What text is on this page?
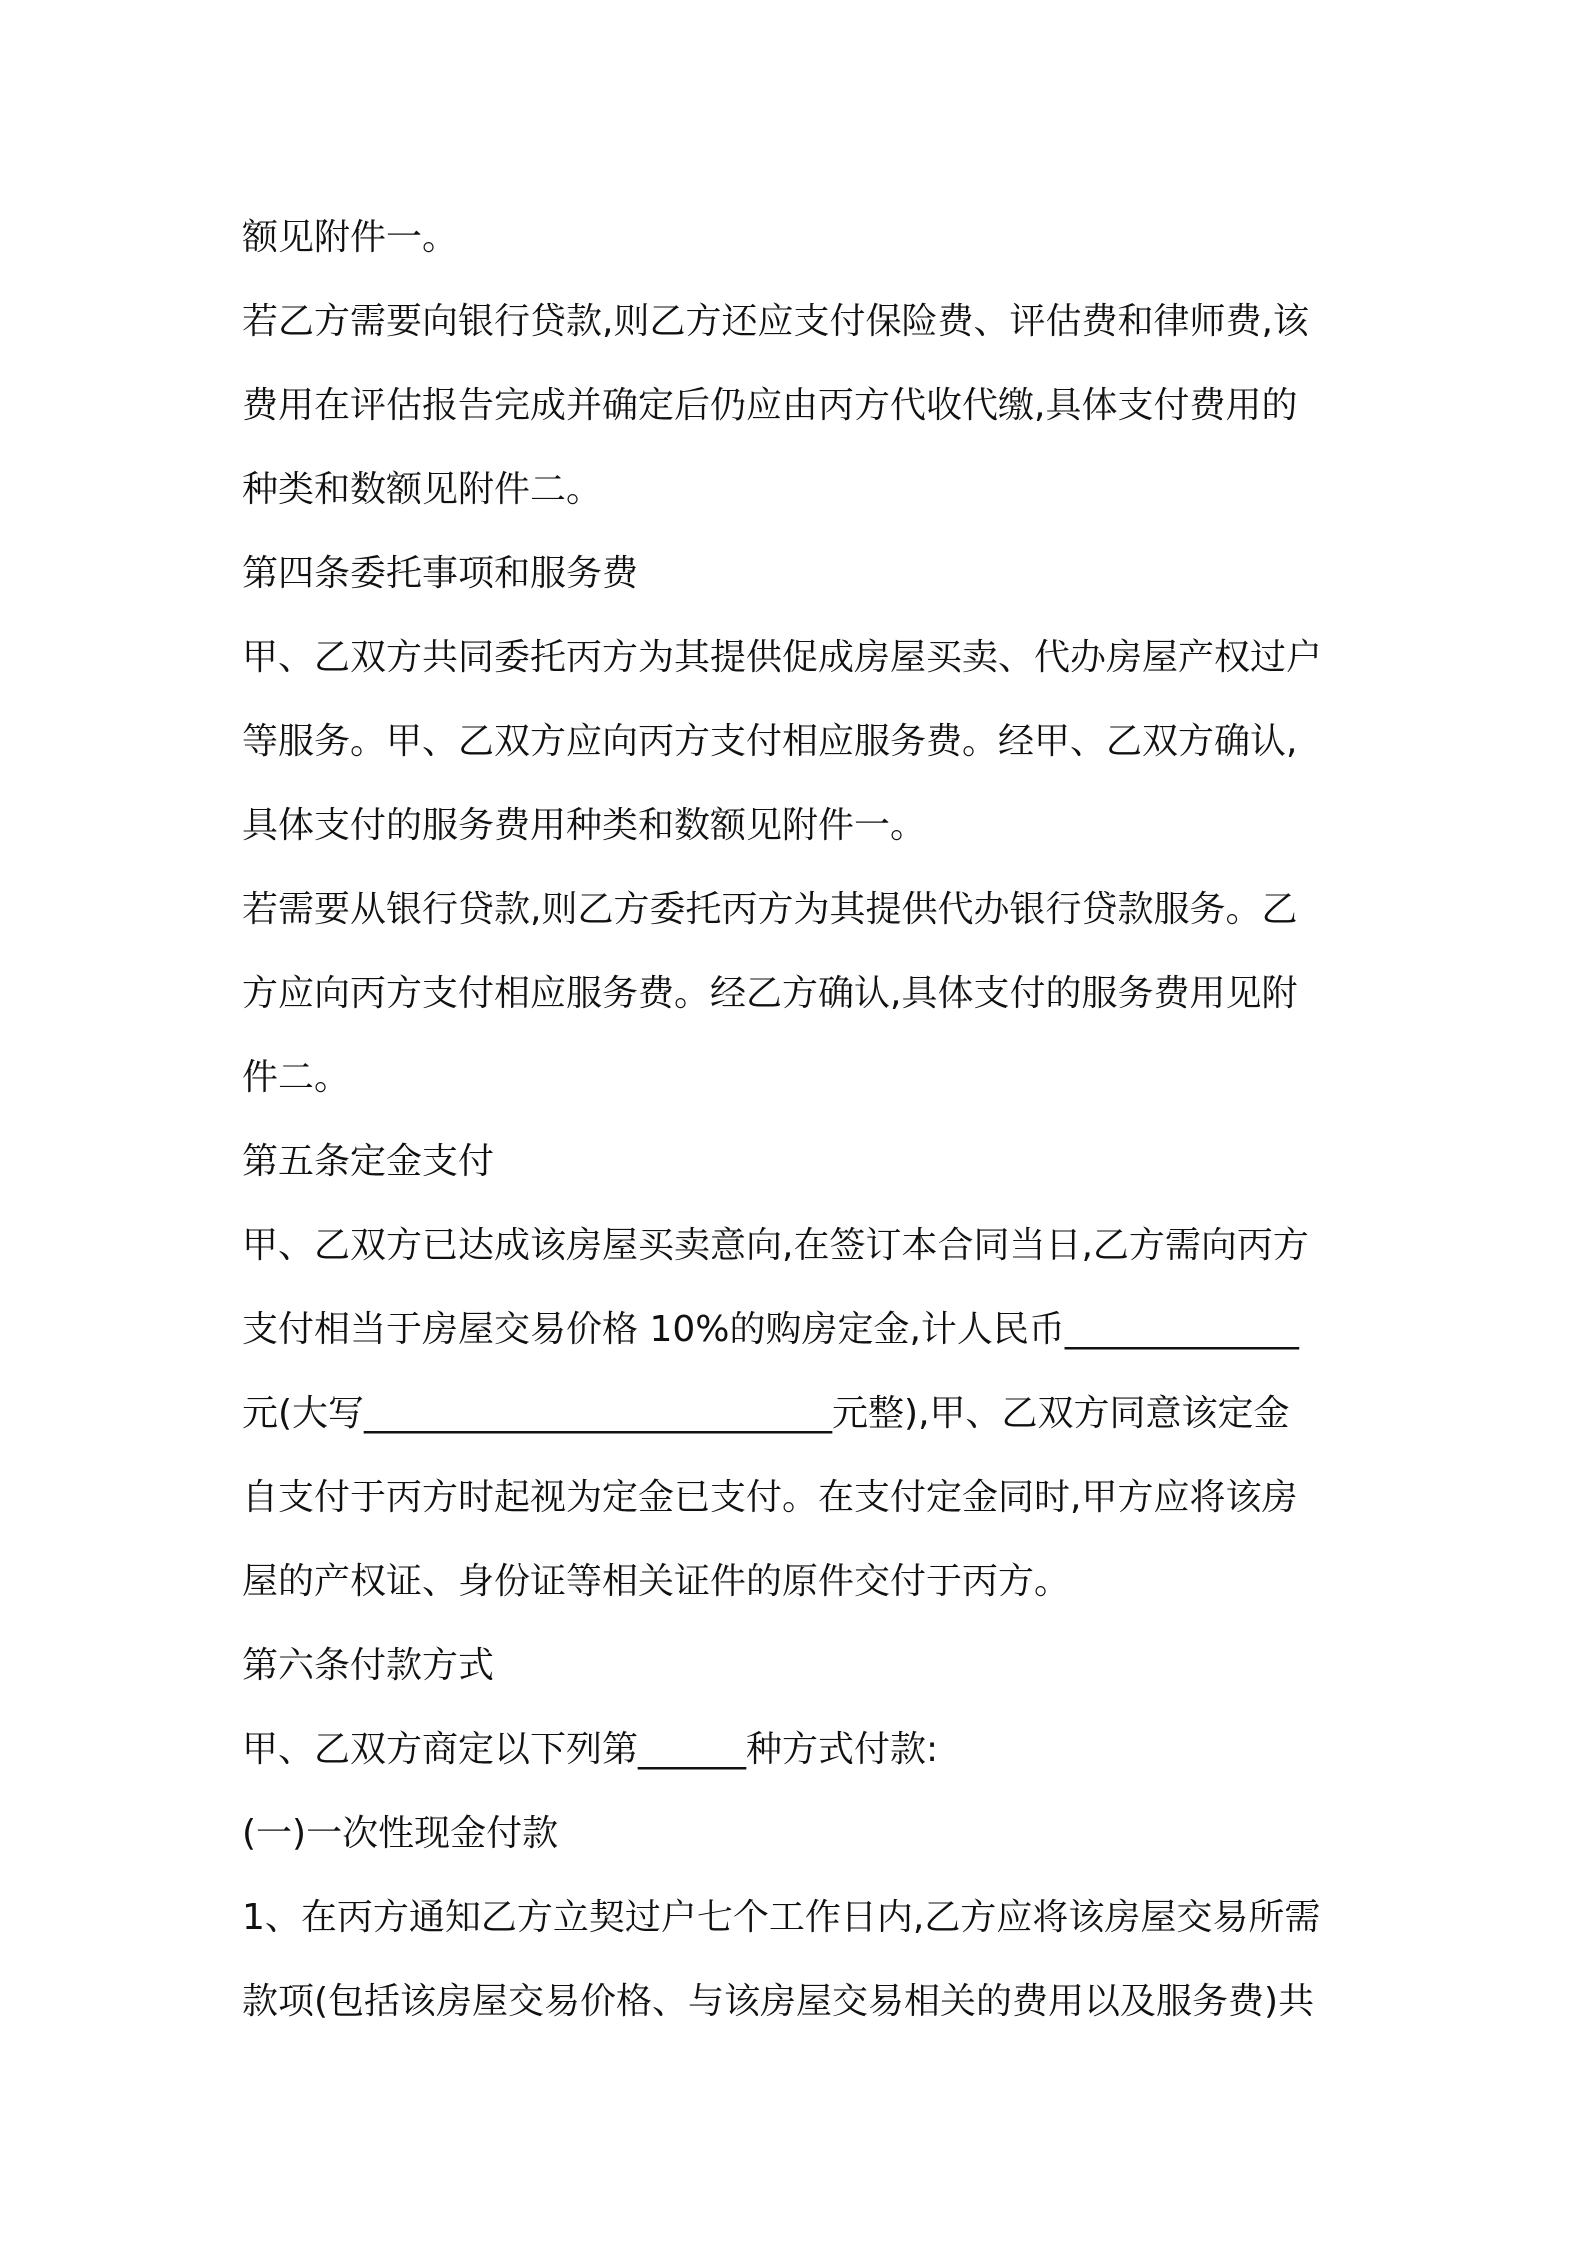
额见附件一。
若乙方需要向银行贷款,则乙方还应支付保险费、评估费和律师费,该
费用在评估报告完成并确定后仍应由丙方代收代缴,具体支付费用的
种类和数额见附件二。
第四条委托事项和服务费
甲、乙双方共同委托丙方为其提供促成房屋买卖、代办房屋产权过户
等服务。甲、乙双方应向丙方支付相应服务费。经甲、乙双方确认,
具体支付的服务费用种类和数额见附件一。
若需要从银行贷款,则乙方委托丙方为其提供代办银行贷款服务。乙
方应向丙方支付相应服务费。经乙方确认,具体支付的服务费用见附
件二。
第五条定金支付
甲、乙双方已达成该房屋买卖意向,在签订本合同当日,乙方需向丙方
支付相当于房屋交易价格 10%的购房定金,计人民币_____________
元(大写__________________________元整),甲、乙双方同意该定金
自支付于丙方时起视为定金已支付。在支付定金同时,甲方应将该房
屋的产权证、身份证等相关证件的原件交付于丙方。
第六条付款方式
甲、乙双方商定以下列第______种方式付款:
(一)一次性现金付款
1、在丙方通知乙方立契过户七个工作日内,乙方应将该房屋交易所需
款项(包括该房屋交易价格、与该房屋交易相关的费用以及服务费)共
